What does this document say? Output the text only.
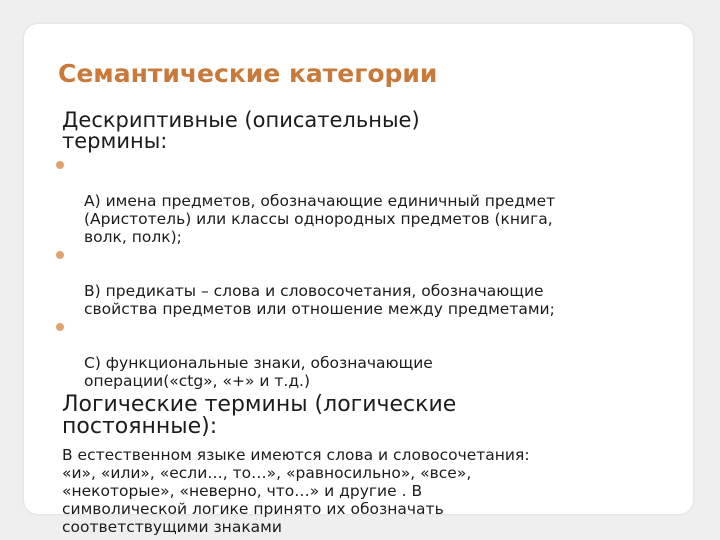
Семантические категории
Дескриптивные (описательные)
термины:

А) имена предметов, обозначающие единичный предмет
(Аристотель) или классы однородных предметов (книга,
волк, полк);

В) предикаты – слова и словосочетания, обозначающие
свойства предметов или отношение между предметами;

С) функциональные знаки, обозначающие
операции(«ctg», «+» и т.д.)

Логические термины (логические
постоянные):

В естественном языке имеются слова и словосочетания:
«и», «или», «если…, то…», «равносильно», «все»,
«некоторые», «неверно, что…» и другие . В
символической логике принято их обозначать
соответствущими знаками
